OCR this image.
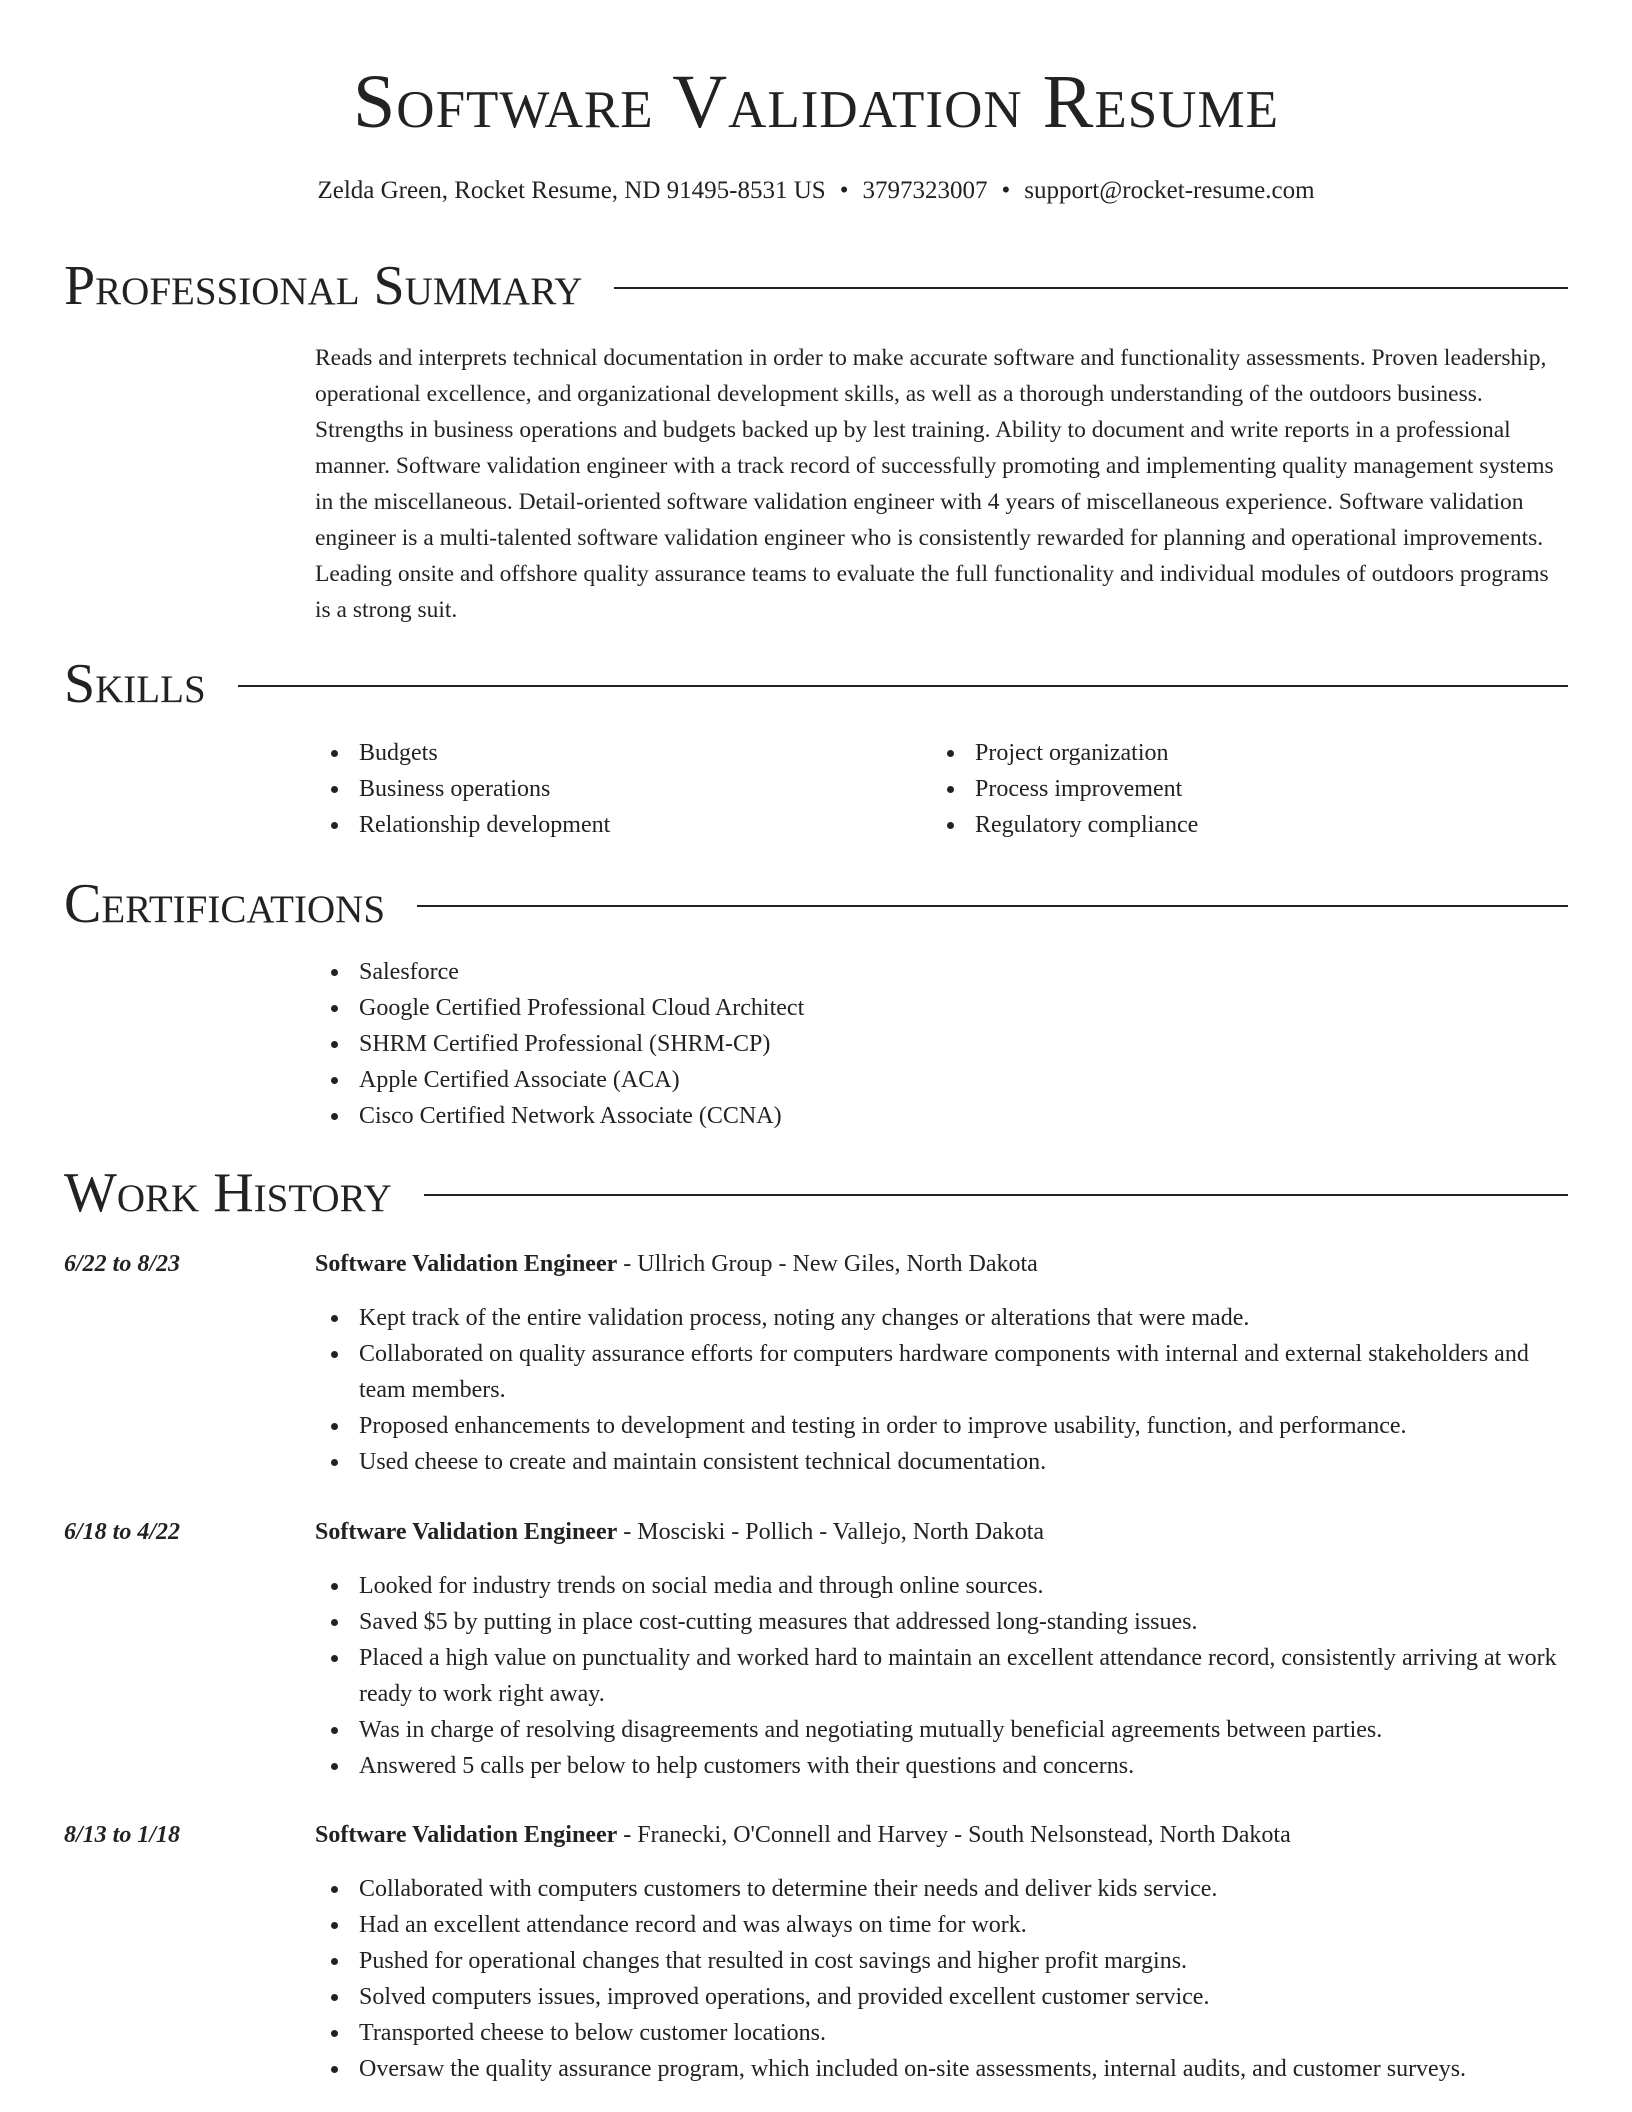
Software Validation Resume
Zelda Green, Rocket Resume, ND 91495-8531 US • 3797323007 • support@rocket-resume.com
Professional Summary

Reads and interprets technical documentation in order to make accurate software and functionality assessments. Proven leadership, operational excellence, and organizational development skills, as well as a thorough understanding of the outdoors business. Strengths in business operations and budgets backed up by lest training. Ability to document and write reports in a professional manner. Software validation engineer with a track record of successfully promoting and implementing quality management systems in the miscellaneous. Detail-oriented software validation engineer with 4 years of miscellaneous experience. Software validation engineer is a multi-talented software validation engineer who is consistently rewarded for planning and operational improvements. Leading onsite and offshore quality assurance teams to evaluate the full functionality and individual modules of outdoors programs is a strong suit.

Skills
Budgets
Business operations
Relationship development
Project organization
Process improvement
Regulatory compliance
Certifications
Salesforce
Google Certified Professional Cloud Architect
SHRM Certified Professional (SHRM-CP)
Apple Certified Associate (ACA)
Cisco Certified Network Associate (CCNA)
Work History
6/22 to 8/23	Software Validation Engineer - Ullrich Group - New Giles, North Dakota
Kept track of the entire validation process, noting any changes or alterations that were made.
Collaborated on quality assurance efforts for computers hardware components with internal and external stakeholders and team members.
Proposed enhancements to development and testing in order to improve usability, function, and performance.
Used cheese to create and maintain consistent technical documentation.
6/18 to 4/22	Software Validation Engineer - Mosciski - Pollich - Vallejo, North Dakota
Looked for industry trends on social media and through online sources.
Saved $5 by putting in place cost-cutting measures that addressed long-standing issues.
Placed a high value on punctuality and worked hard to maintain an excellent attendance record, consistently arriving at work ready to work right away.
Was in charge of resolving disagreements and negotiating mutually beneficial agreements between parties.
Answered 5 calls per below to help customers with their questions and concerns.
8/13 to 1/18	Software Validation Engineer - Franecki, O'Connell and Harvey - South Nelsonstead, North Dakota
Collaborated with computers customers to determine their needs and deliver kids service.
Had an excellent attendance record and was always on time for work.
Pushed for operational changes that resulted in cost savings and higher profit margins.
Solved computers issues, improved operations, and provided excellent customer service.
Transported cheese to below customer locations.
Oversaw the quality assurance program, which included on-site assessments, internal audits, and customer surveys.
